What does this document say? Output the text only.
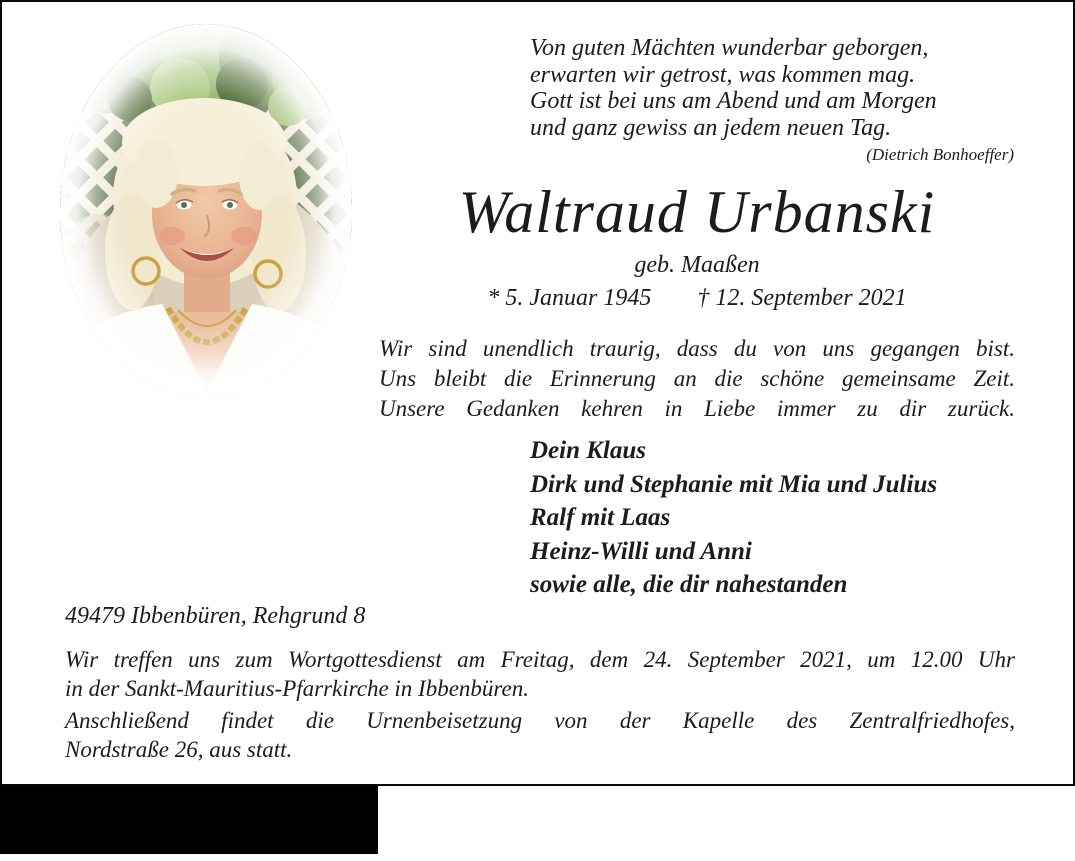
Von guten Mächten wunderbar geborgen,
erwarten wir getrost, was kommen mag.
Gott ist bei uns am Abend und am Morgen
und ganz gewiss an jedem neuen Tag.
(Dietrich Bonhoeffer)
Waltraud Urbanski
geb. Maaßen
* 5. Januar 1945 † 12. September 2021
Wir sind unendlich traurig, dass du von uns gegangen bist.
Uns bleibt die Erinnerung an die schöne gemeinsame Zeit.
Unsere Gedanken kehren in Liebe immer zu dir zurück.
Dein Klaus
Dirk und Stephanie mit Mia und Julius
Ralf mit Laas
Heinz-Willi und Anni
sowie alle, die dir nahestanden
49479 Ibbenbüren, Rehgrund 8
Wir treffen uns zum Wortgottesdienst am Freitag, dem 24. September 2021, um 12.00 Uhr
in der Sankt-Mauritius-Pfarrkirche in Ibbenbüren.
Anschließend findet die Urnenbeisetzung von der Kapelle des Zentralfriedhofes,
Nordstraße 26, aus statt.
